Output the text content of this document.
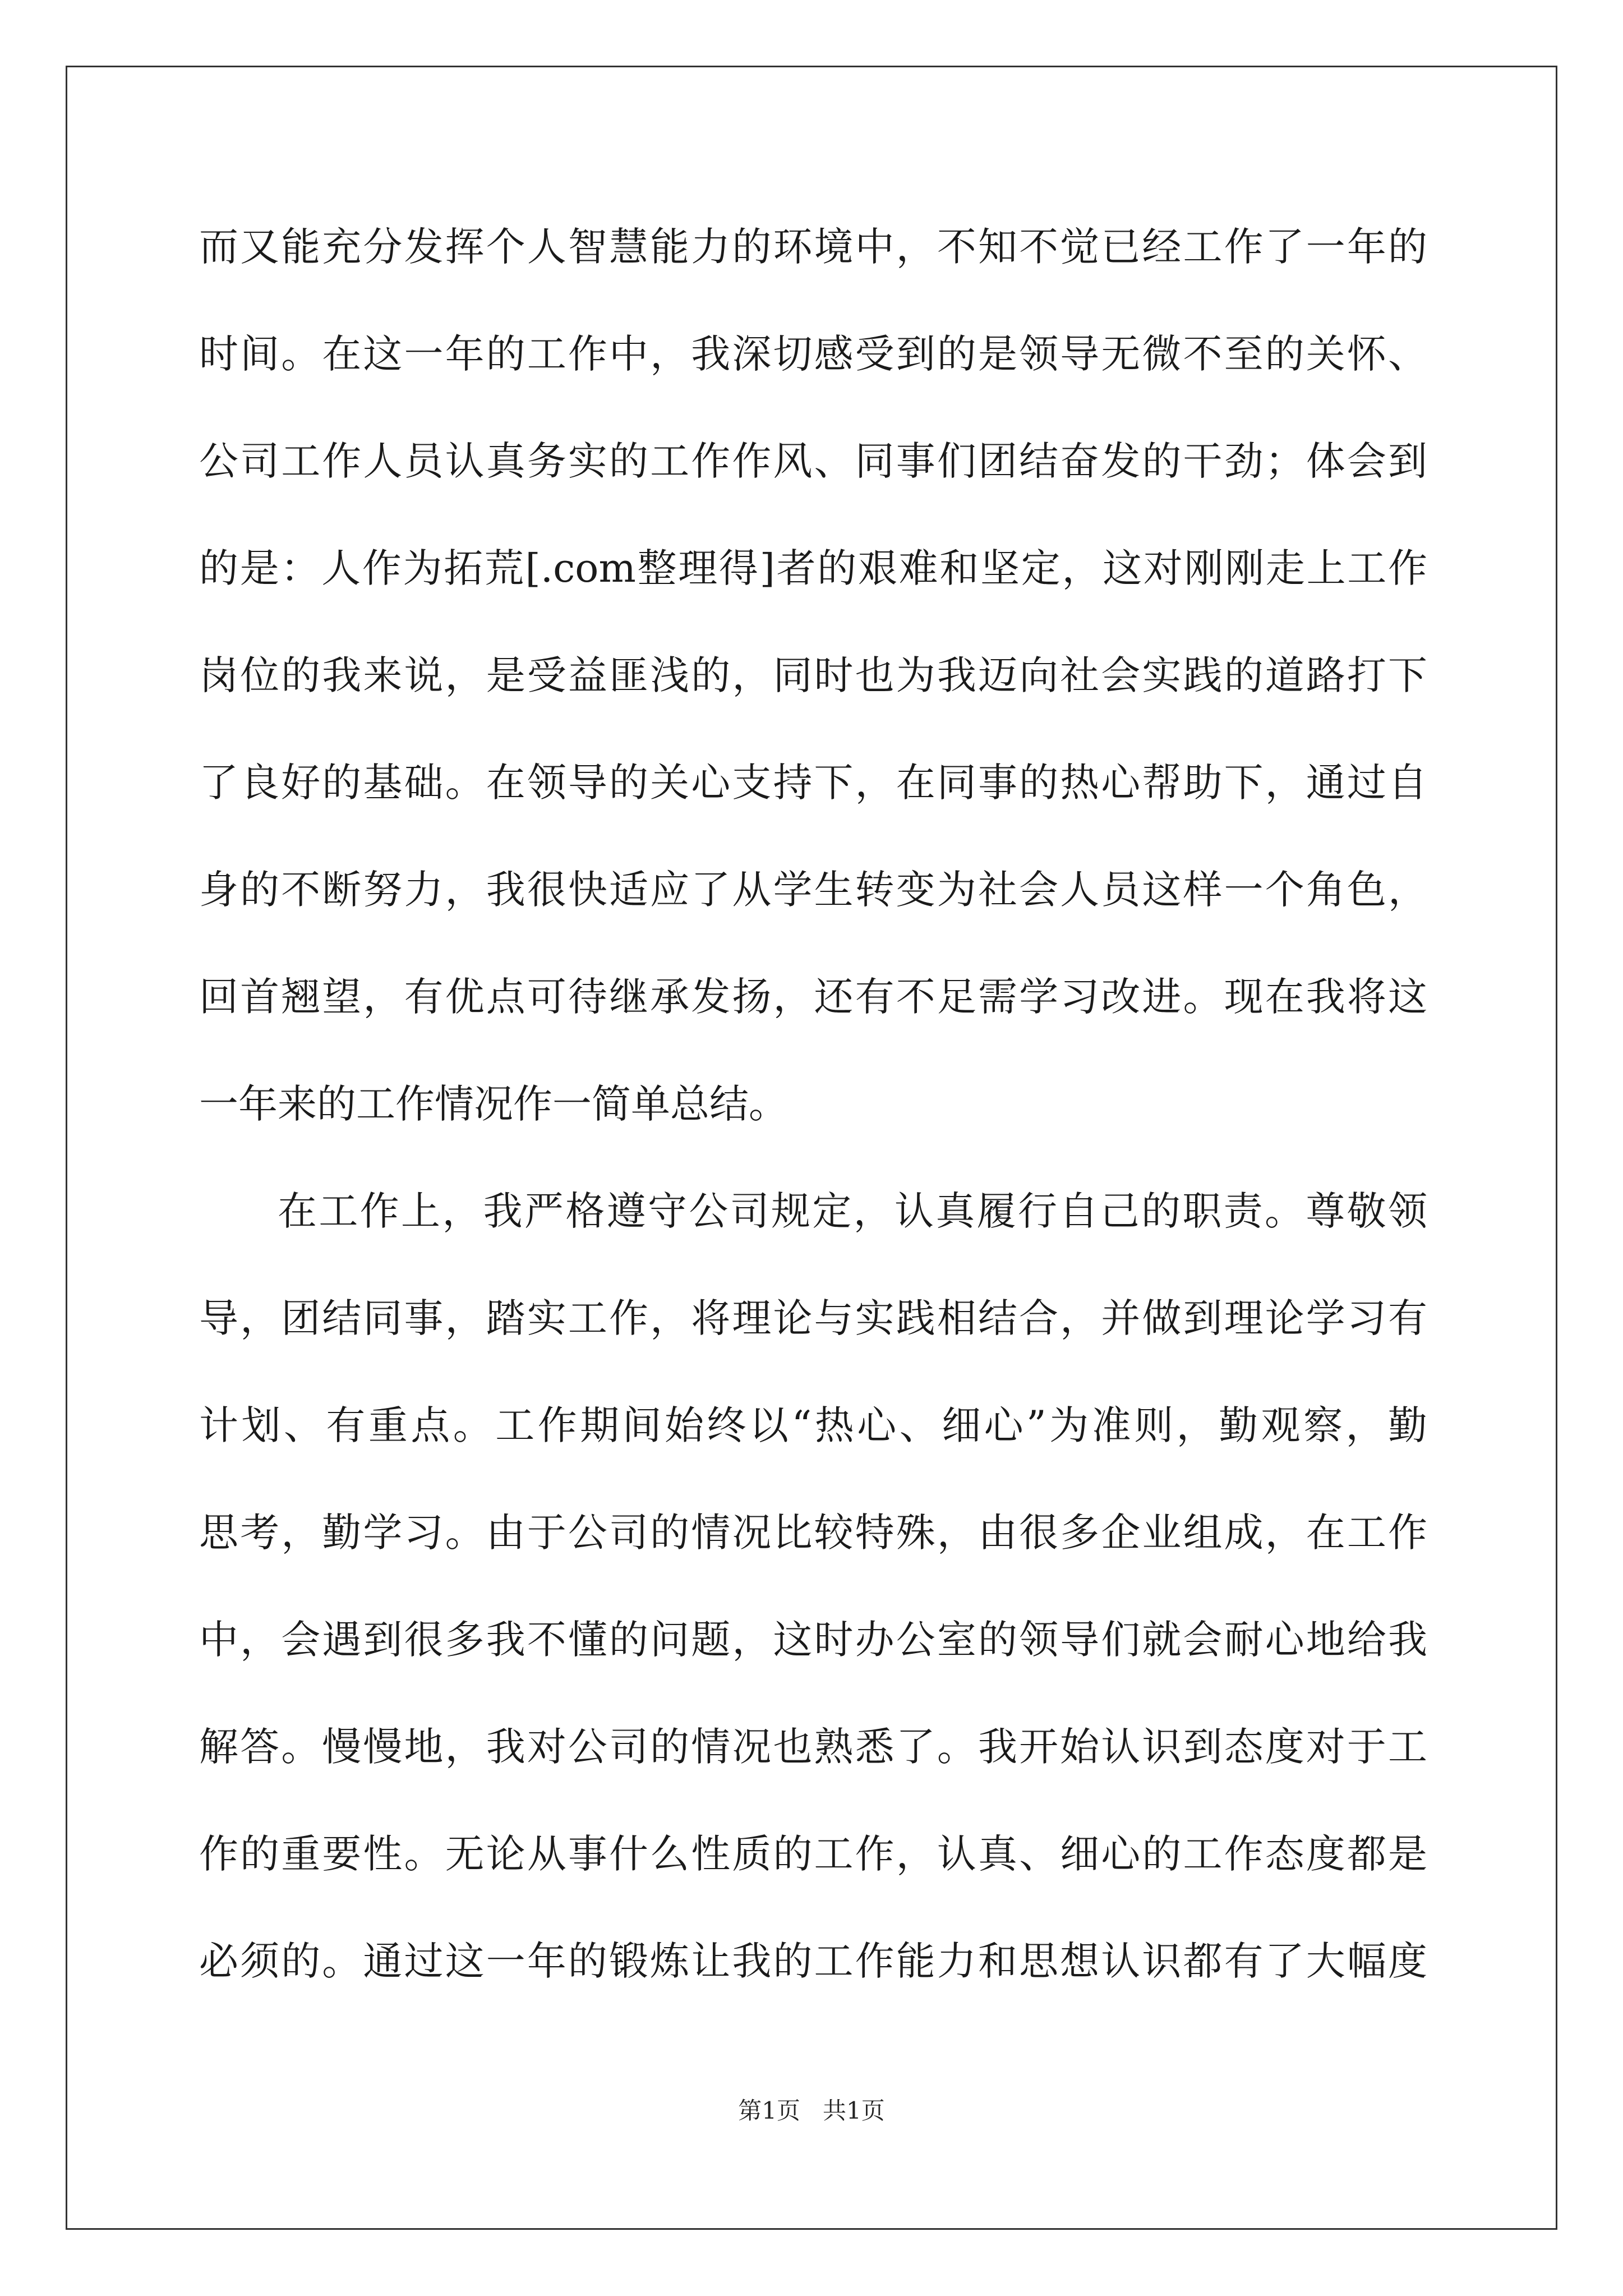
而又能充分发挥个人智慧能力的环境中，不知不觉已经工作了一年的
时间。在这一年的工作中，我深切感受到的是领导无微不至的关怀、
公司工作人员认真务实的工作作风、同事们团结奋发的干劲；体会到
的是：人作为拓荒[.com整理得]者的艰难和坚定，这对刚刚走上工作
岗位的我来说，是受益匪浅的，同时也为我迈向社会实践的道路打下
了良好的基础。在领导的关心支持下，在同事的热心帮助下，通过自
身的不断努力，我很快适应了从学生转变为社会人员这样一个角色，
回首翘望，有优点可待继承发扬，还有不足需学习改进。现在我将这
一年来的工作情况作一简单总结。
在工作上，我严格遵守公司规定，认真履行自己的职责。尊敬领
导，团结同事，踏实工作，将理论与实践相结合，并做到理论学习有
计划、有重点。工作期间始终以“热心、细心”为准则，勤观察，勤
思考，勤学习。由于公司的情况比较特殊，由很多企业组成，在工作
中，会遇到很多我不懂的问题，这时办公室的领导们就会耐心地给我
解答。慢慢地，我对公司的情况也熟悉了。我开始认识到态度对于工
作的重要性。无论从事什么性质的工作，认真、细心的工作态度都是
必须的。通过这一年的锻炼让我的工作能力和思想认识都有了大幅度
第1页   共1页
